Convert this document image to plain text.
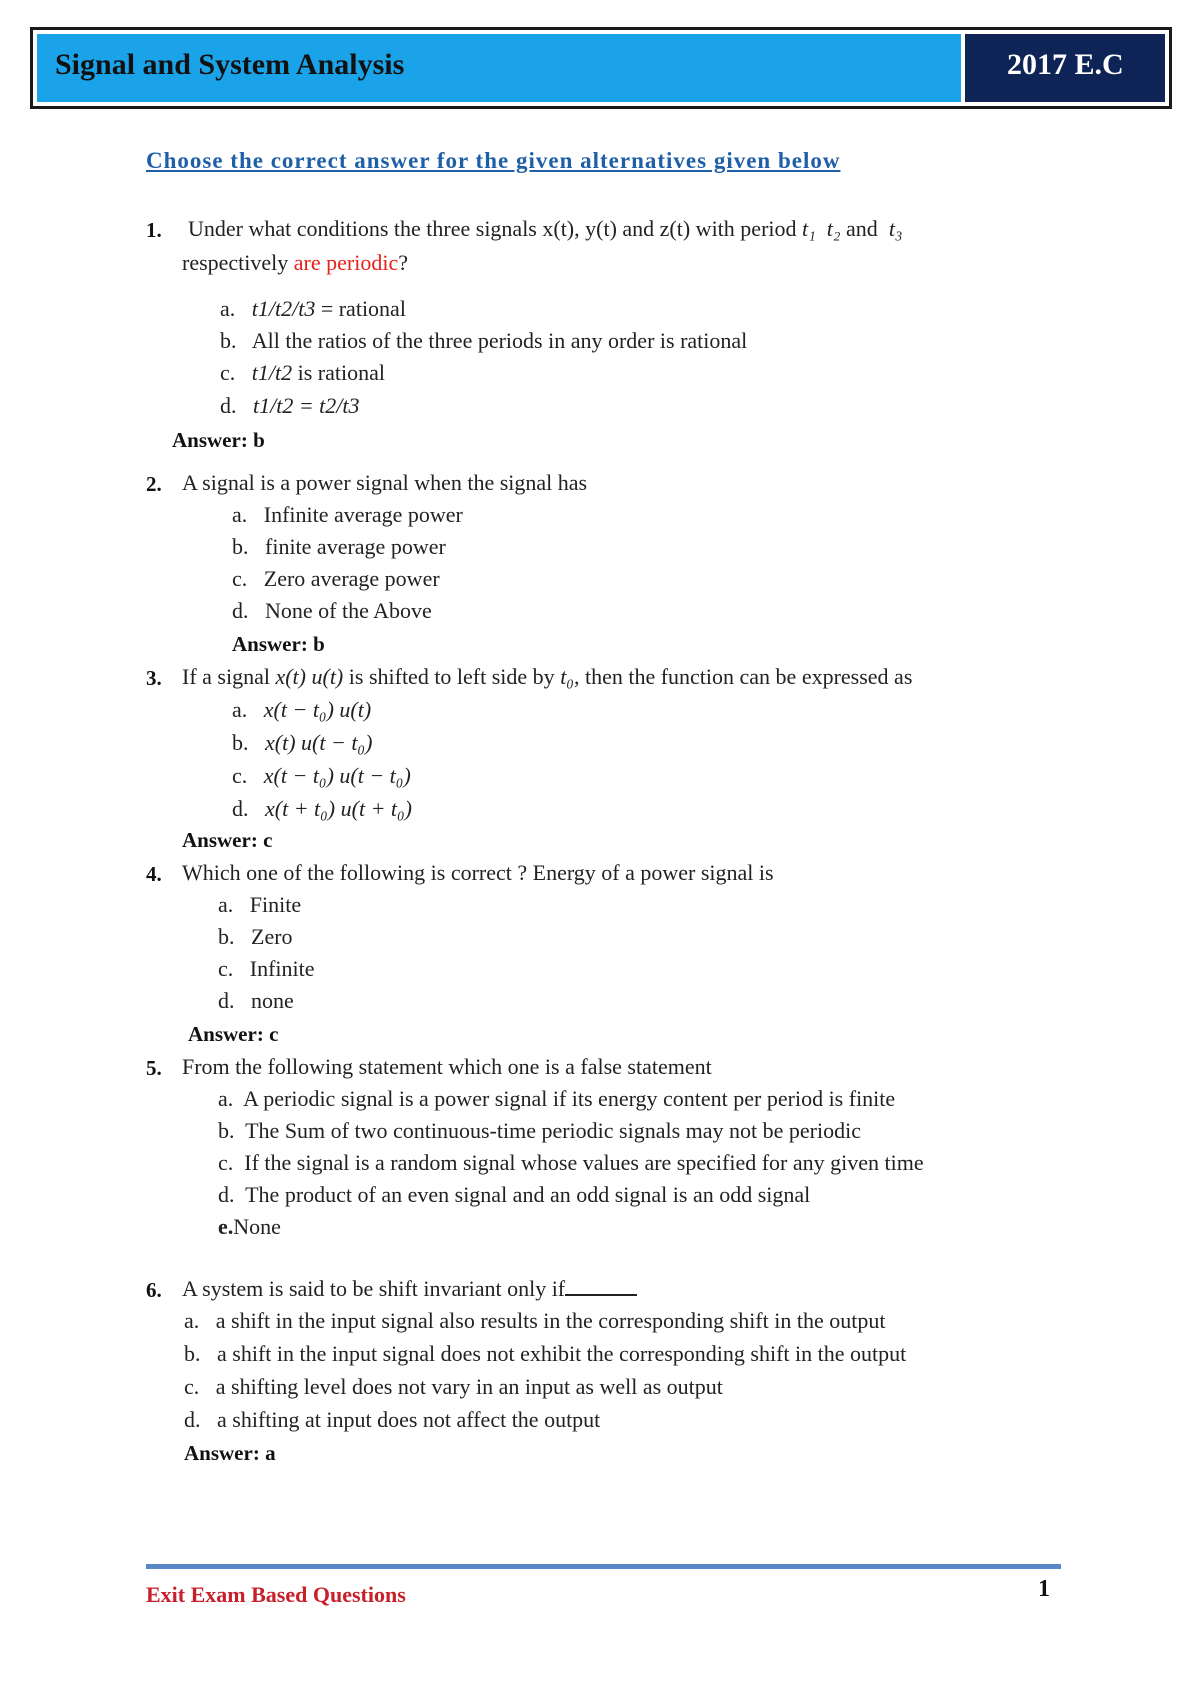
Signal and System Analysis	2017 E.C
Choose the correct answer for the given alternatives given below
1. Under what conditions the three signals x(t), y(t) and z(t) with period t₁ t₂ and t₃
respectively are periodic?
a. t1/t2/t3 = rational
b. All the ratios of the three periods in any order is rational
c. t1/t2 is rational
d. t1/t2 = t2/t3
Answer: b
2. A signal is a power signal when the signal has
a. Infinite average power
b. finite average power
c. Zero average power
d. None of the Above
Answer: b
3. If a signal x(t) u(t) is shifted to left side by t₀, then the function can be expressed as
a. x(t − t₀) u(t)
b. x(t) u(t − t₀)
c. x(t − t₀) u(t − t₀)
d. x(t + t₀) u(t + t₀)
Answer: c
4. Which one of the following is correct ? Energy of a power signal is
a. Finite
b. Zero
c. Infinite
d. none
Answer: c
5. From the following statement which one is a false statement
a. A periodic signal is a power signal if its energy content per period is finite
b. The Sum of two continuous-time periodic signals may not be periodic
c. If the signal is a random signal whose values are specified for any given time
d. The product of an even signal and an odd signal is an odd signal
e.None
6. A system is said to be shift invariant only if
a. a shift in the input signal also results in the corresponding shift in the output
b.   a shift in the input signal does not exhibit the corresponding shift in the output
c. a shifting level does not vary in an input as well as output
d.   a shifting at input does not affect the output
Answer: a
Exit Exam Based Questions	1
